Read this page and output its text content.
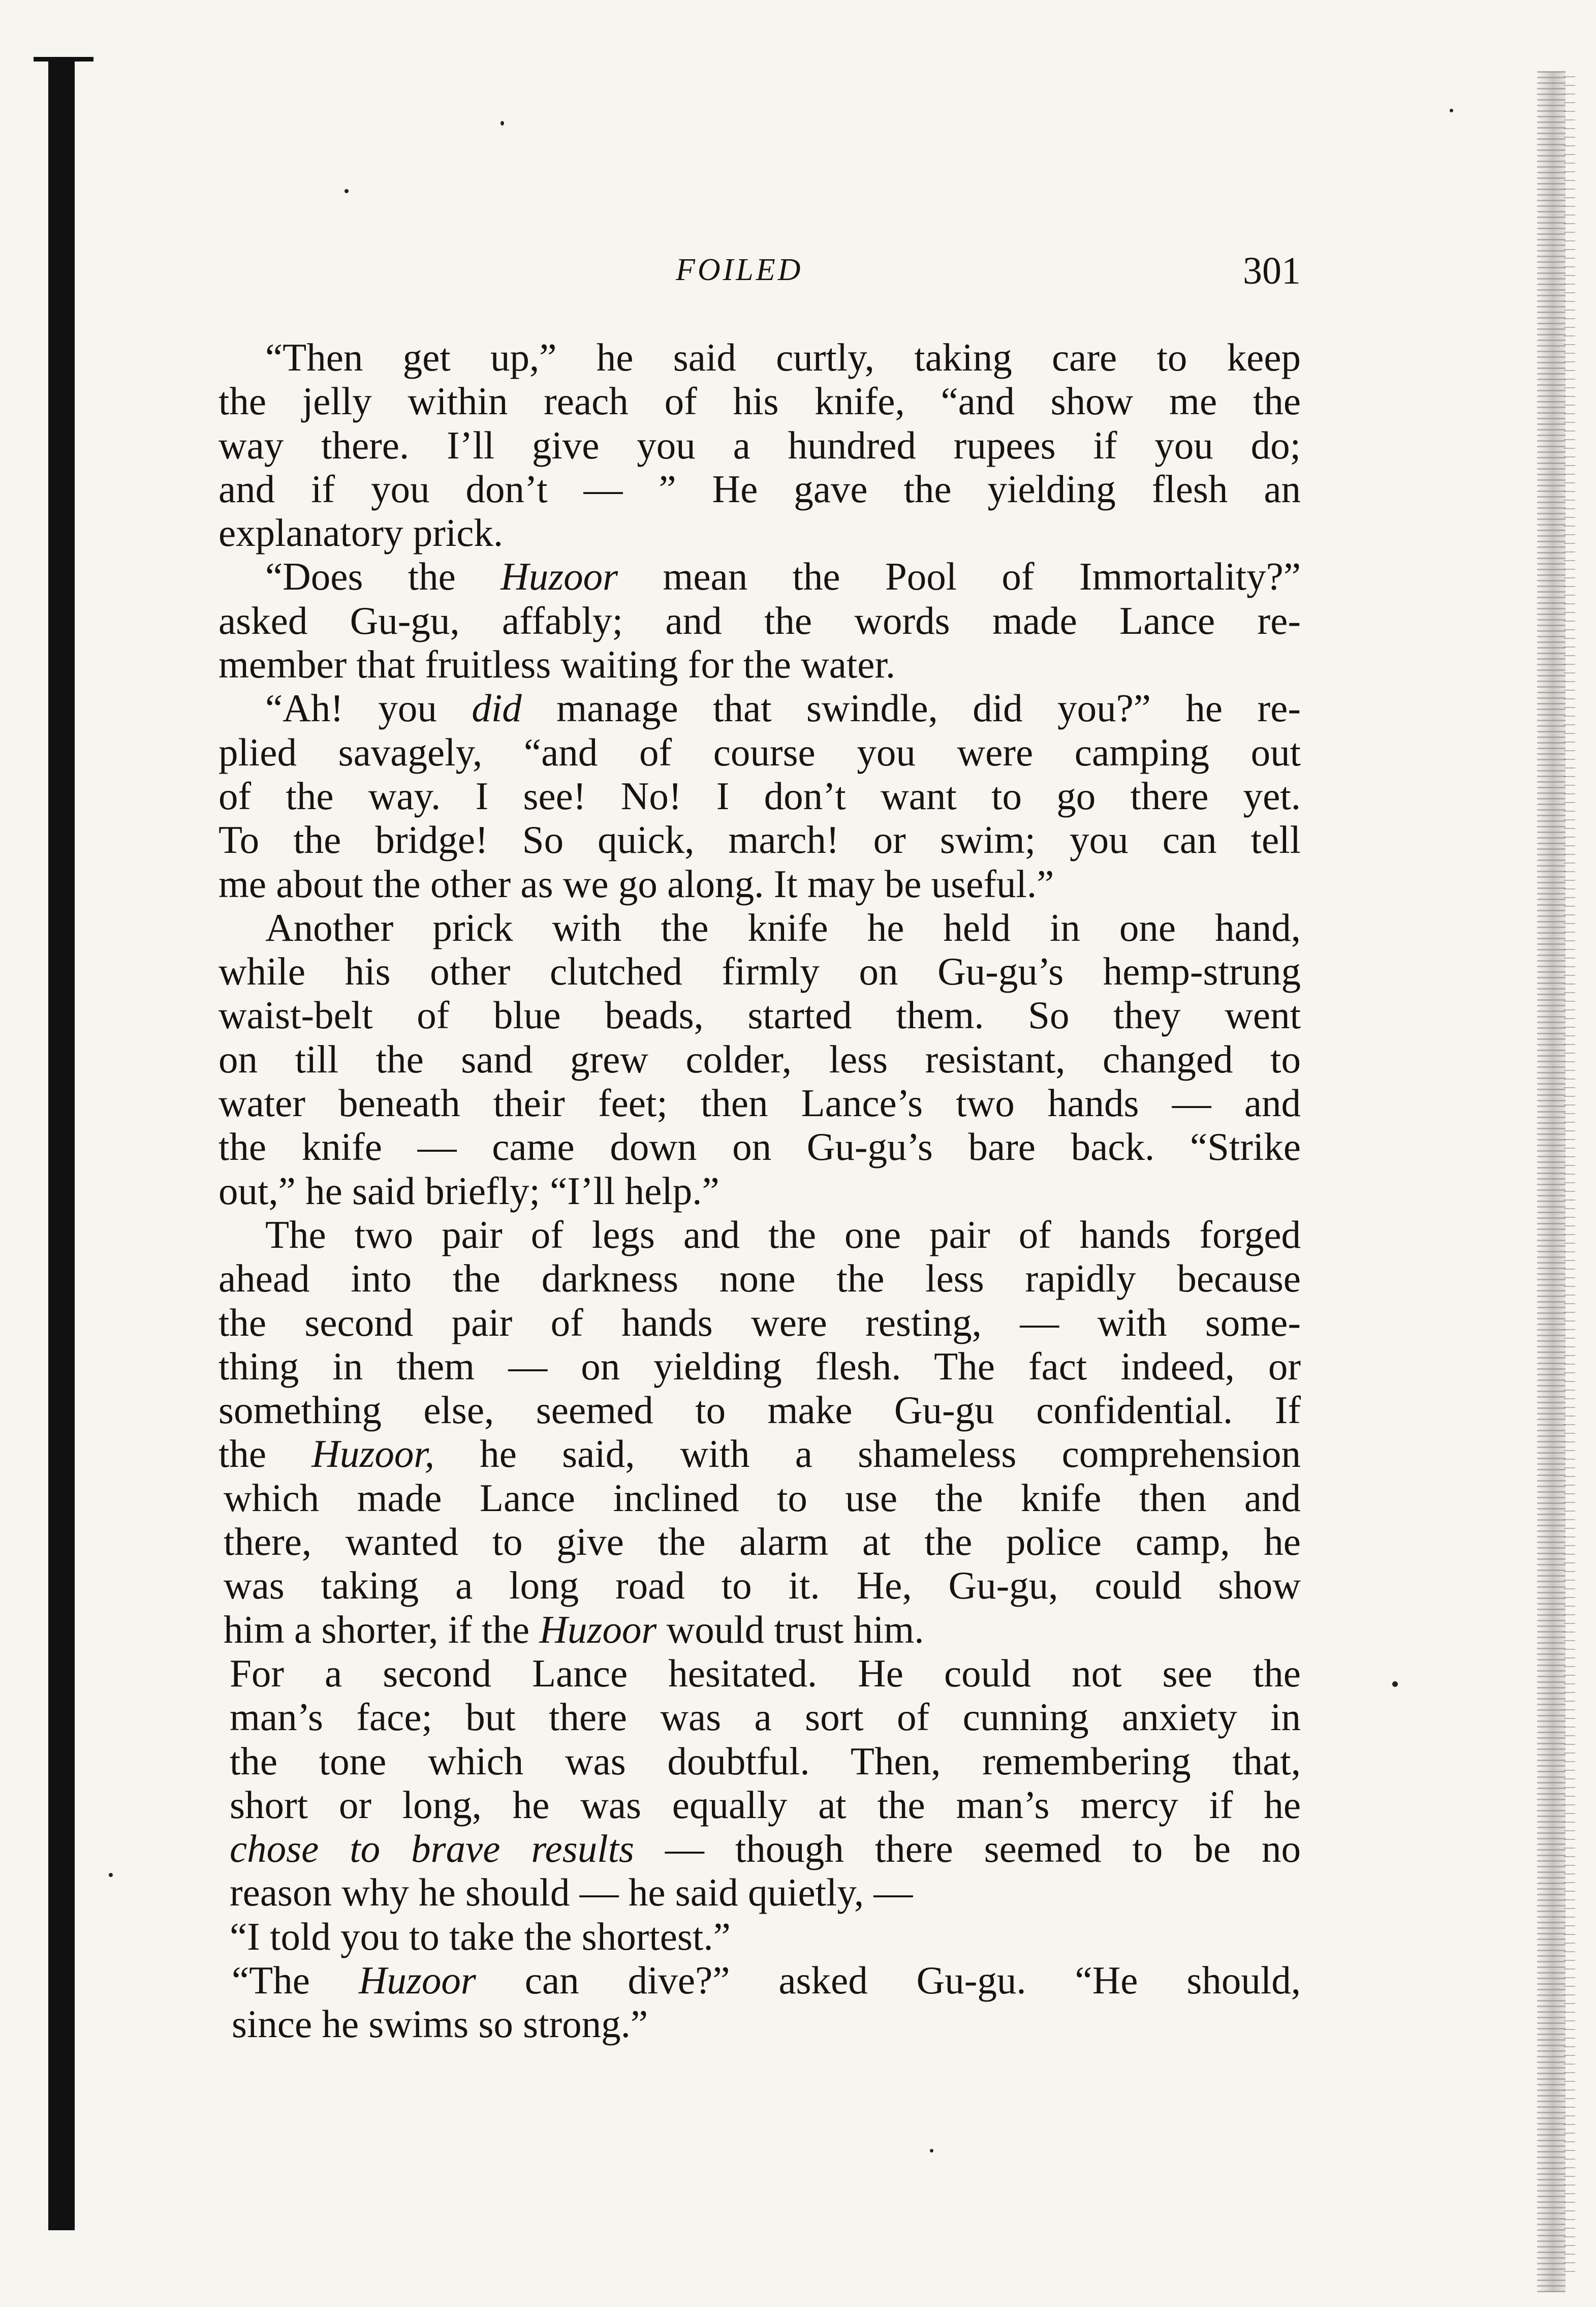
FOILED	301
“Then get up,” he said curtly, taking care to keep
the jelly within reach of his knife, “and show me the
way there. I’ll give you a hundred rupees if you do;
and if you don’t — ” He gave the yielding flesh an
explanatory prick.
“Does the Huzoor mean the Pool of Immortality?”
asked Gu-gu, affably; and the words made Lance re-
member that fruitless waiting for the water.
“Ah! you did manage that swindle, did you?” he re-
plied savagely, “and of course you were camping out
of the way. I see! No! I don’t want to go there yet.
To the bridge! So quick, march! or swim; you can tell
me about the other as we go along. It may be useful.”
Another prick with the knife he held in one hand,
while his other clutched firmly on Gu-gu’s hemp-strung
waist-belt of blue beads, started them. So they went
on till the sand grew colder, less resistant, changed to
water beneath their feet; then Lance’s two hands — and
the knife — came down on Gu-gu’s bare back. “Strike
out,” he said briefly; “I’ll help.”
The two pair of legs and the one pair of hands forged
ahead into the darkness none the less rapidly because
the second pair of hands were resting, — with some-
thing in them — on yielding flesh. The fact indeed, or
something else, seemed to make Gu-gu confidential. If
the Huzoor, he said, with a shameless comprehension
which made Lance inclined to use the knife then and
there, wanted to give the alarm at the police camp, he
was taking a long road to it. He, Gu-gu, could show
him a shorter, if the Huzoor would trust him.
For a second Lance hesitated. He could not see the
man’s face; but there was a sort of cunning anxiety in
the tone which was doubtful. Then, remembering that,
short or long, he was equally at the man’s mercy if he
chose to brave results — though there seemed to be no
reason why he should — he said quietly, —
“I told you to take the shortest.”
“The Huzoor can dive?” asked Gu-gu. “He should,
since he swims so strong.”
